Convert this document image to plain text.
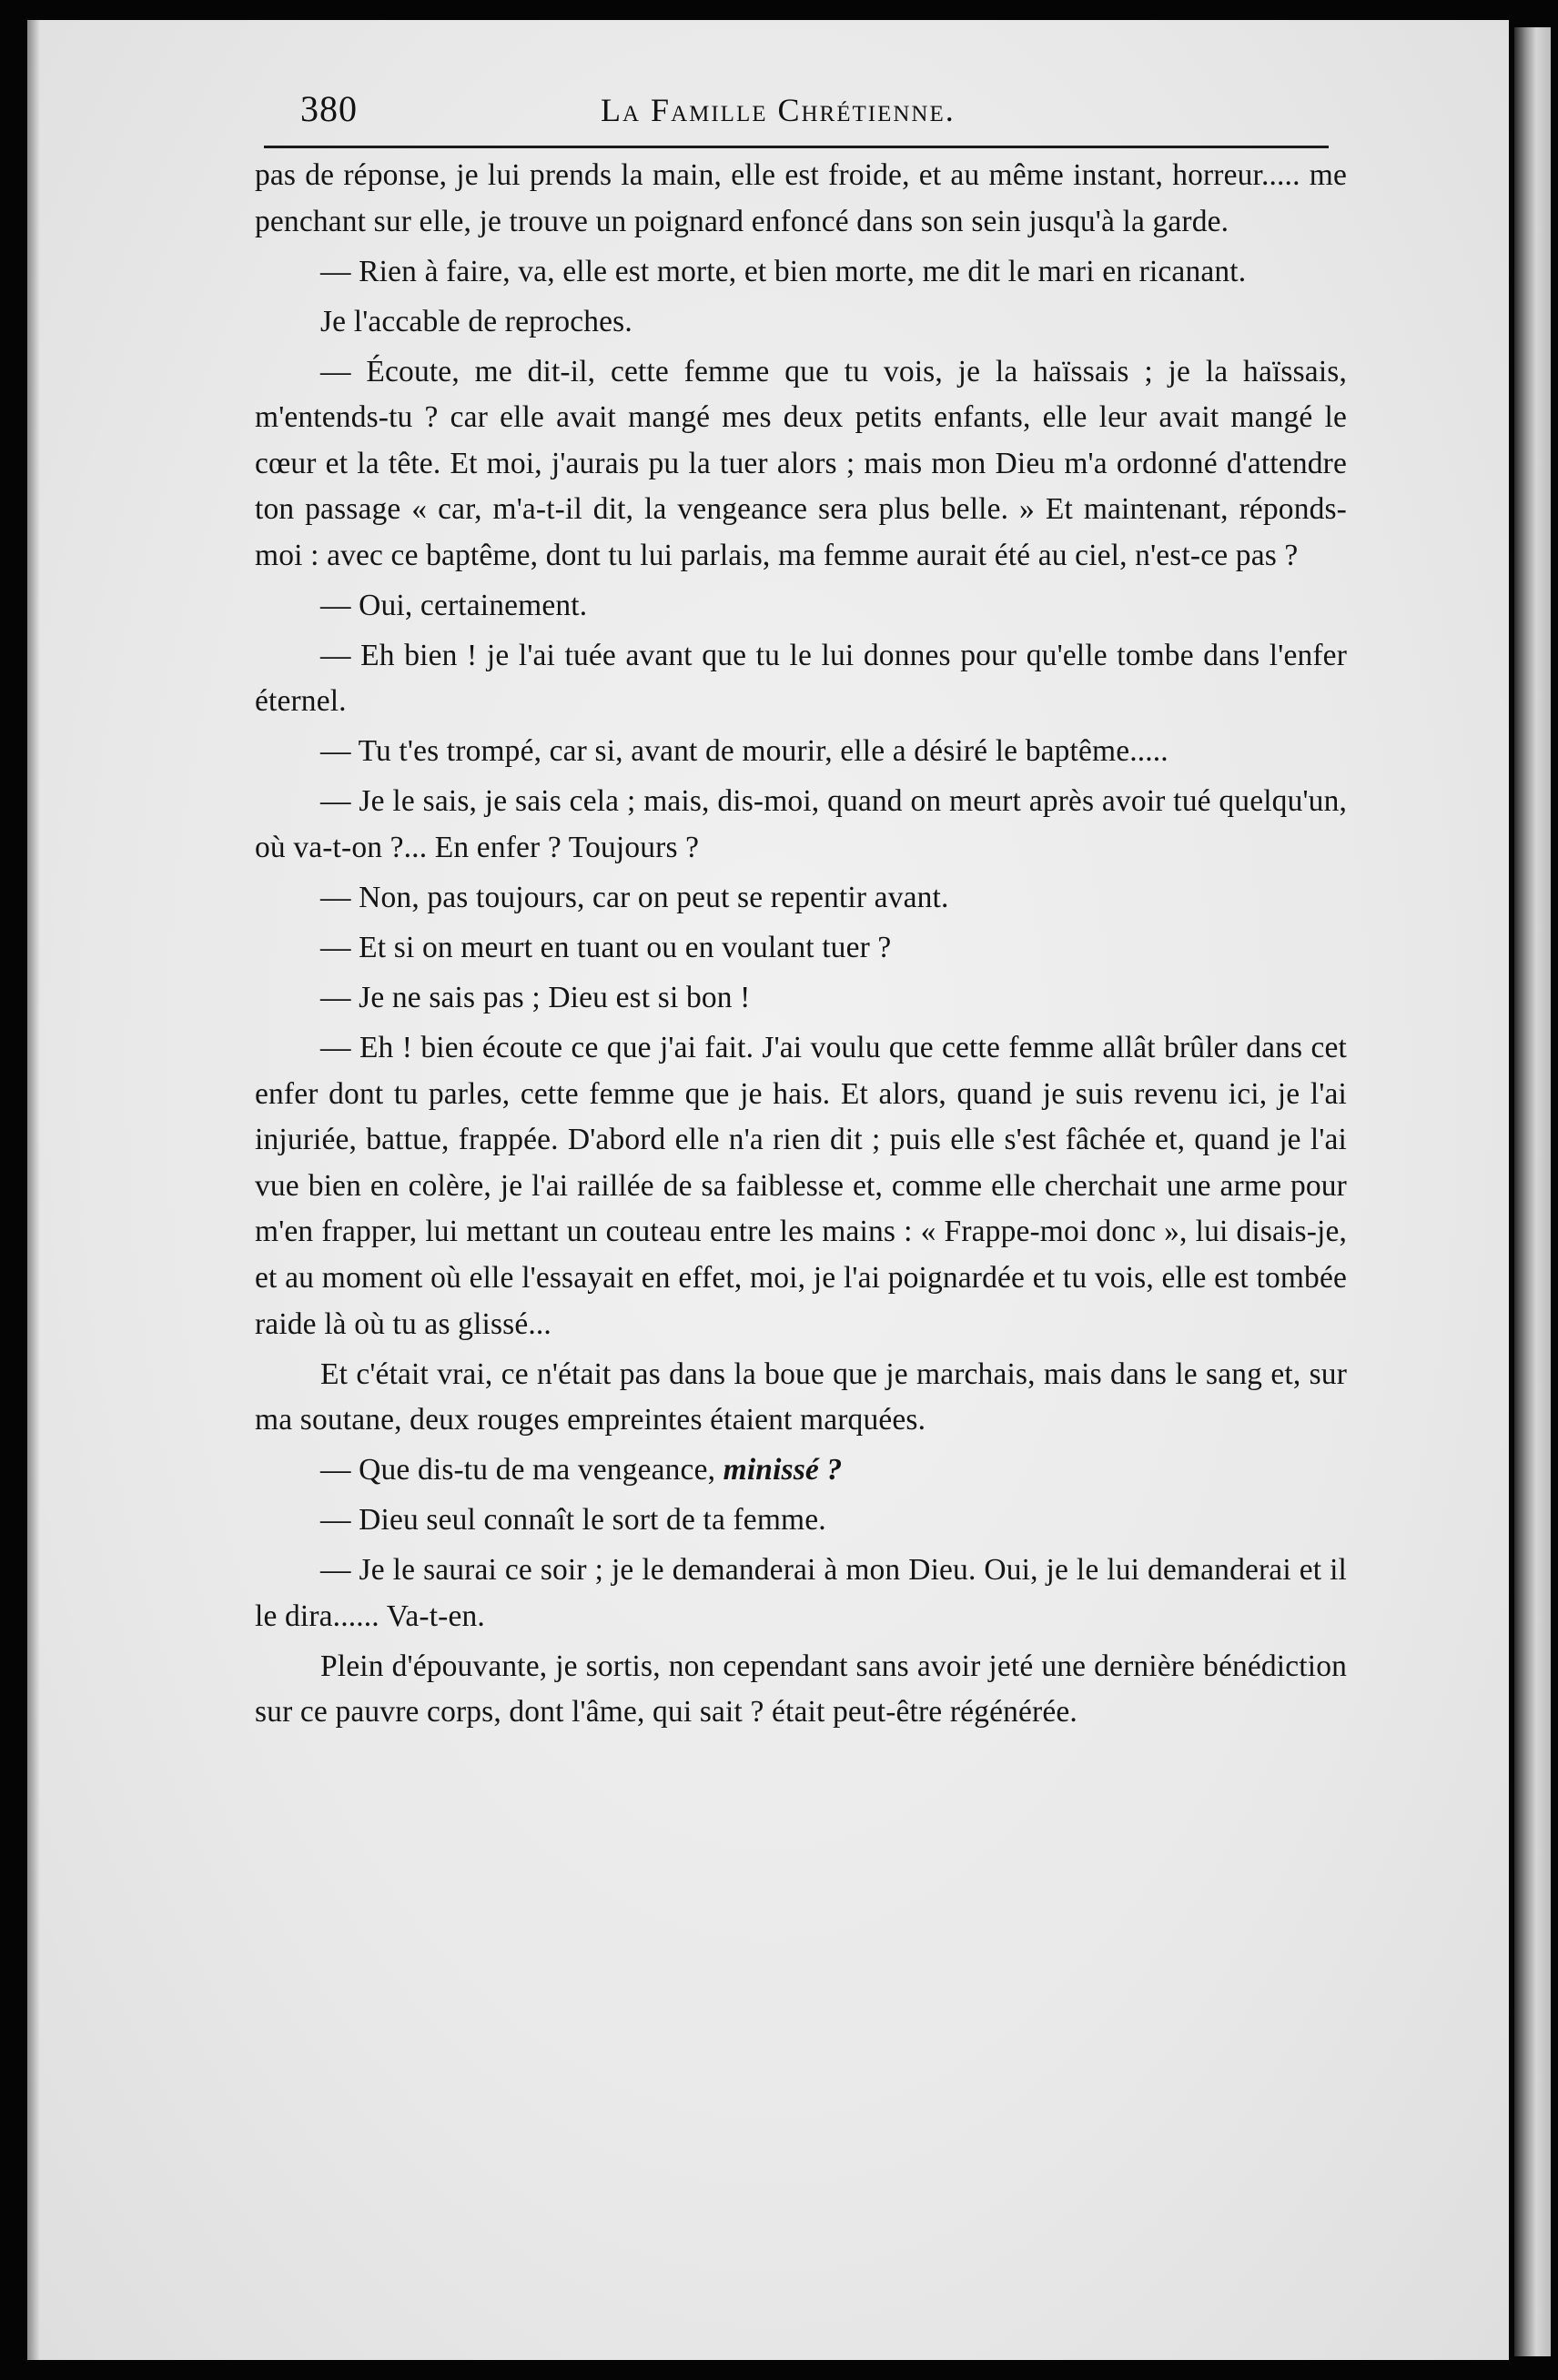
380	La Famille Chrétienne.

pas de réponse, je lui prends la main, elle est froide, et au même instant, horreur..... me penchant sur elle, je trouve un poignard enfoncé dans son sein jusqu'à la garde.

— Rien à faire, va, elle est morte, et bien morte, me dit le mari en ricanant.

Je l'accable de reproches.

— Écoute, me dit-il, cette femme que tu vois, je la haïssais ; je la haïssais, m'entends-tu ? car elle avait mangé mes deux petits enfants, elle leur avait mangé le cœur et la tête. Et moi, j'aurais pu la tuer alors ; mais mon Dieu m'a ordonné d'attendre ton passage « car, m'a-t-il dit, la vengeance sera plus belle. » Et maintenant, réponds-moi : avec ce baptême, dont tu lui parlais, ma femme aurait été au ciel, n'est-ce pas ?

— Oui, certainement.

— Eh bien ! je l'ai tuée avant que tu le lui donnes pour qu'elle tombe dans l'enfer éternel.

— Tu t'es trompé, car si, avant de mourir, elle a désiré le baptême.....

— Je le sais, je sais cela ; mais, dis-moi, quand on meurt après avoir tué quelqu'un, où va-t-on ?... En enfer ? Toujours ?

— Non, pas toujours, car on peut se repentir avant.

— Et si on meurt en tuant ou en voulant tuer ?

— Je ne sais pas ; Dieu est si bon !

— Eh ! bien écoute ce que j'ai fait. J'ai voulu que cette femme allât brûler dans cet enfer dont tu parles, cette femme que je hais. Et alors, quand je suis revenu ici, je l'ai injuriée, battue, frappée. D'abord elle n'a rien dit ; puis elle s'est fâchée et, quand je l'ai vue bien en colère, je l'ai raillée de sa faiblesse et, comme elle cherchait une arme pour m'en frapper, lui mettant un couteau entre les mains : « Frappe-moi donc », lui disais-je, et au moment où elle l'essayait en effet, moi, je l'ai poignardée et tu vois, elle est tombée raide là où tu as glissé...

Et c'était vrai, ce n'était pas dans la boue que je marchais, mais dans le sang et, sur ma soutane, deux rouges empreintes étaient marquées.

— Que dis-tu de ma vengeance, minissé ?

— Dieu seul connaît le sort de ta femme.

— Je le saurai ce soir ; je le demanderai à mon Dieu. Oui, je le lui demanderai et il le dira...... Va-t-en.

Plein d'épouvante, je sortis, non cependant sans avoir jeté une dernière bénédiction sur ce pauvre corps, dont l'âme, qui sait ? était peut-être régénérée.
